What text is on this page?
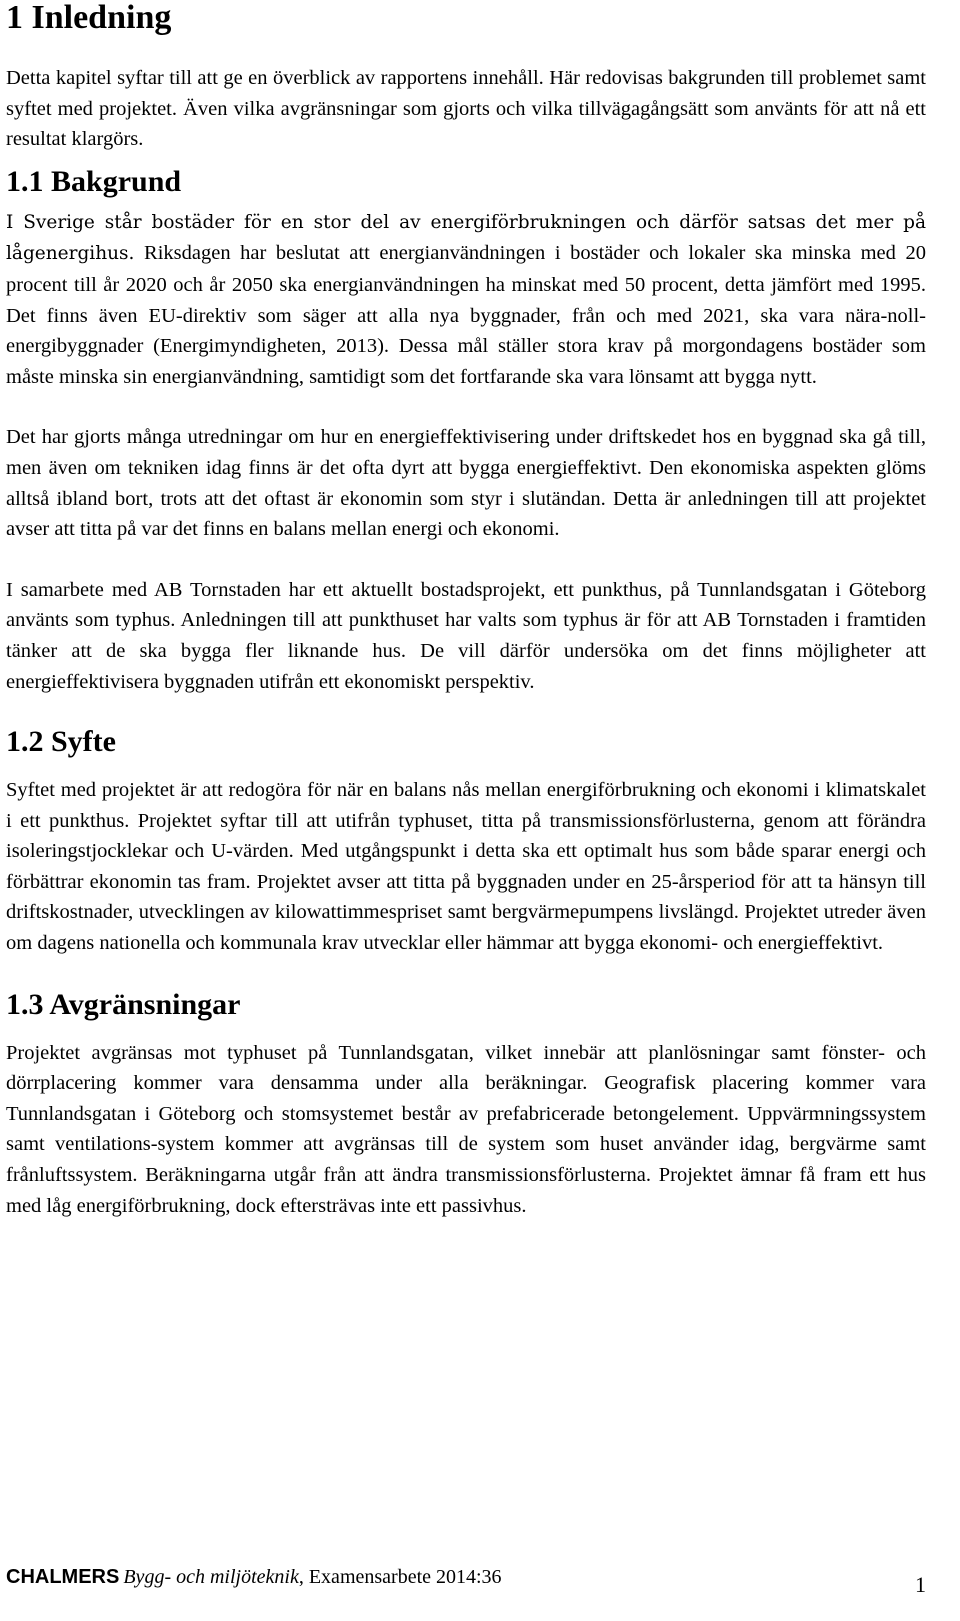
1 Inledning

Detta kapitel syftar till att ge en överblick av rapportens innehåll. Här redovisas bakgrunden till problemet samt syftet med projektet. Även vilka avgränsningar som gjorts och vilka tillvägagångsätt som använts för att nå ett resultat klargörs.

1.1 Bakgrund

I Sverige står bostäder för en stor del av energiförbrukningen och därför satsas det mer på lågenergihus. Riksdagen har beslutat att energianvändningen i bostäder och lokaler ska minska med 20 procent till år 2020 och år 2050 ska energianvändningen ha minskat med 50 procent, detta jämfört med 1995. Det finns även EU-direktiv som säger att alla nya byggnader, från och med 2021, ska vara nära-noll-energibyggnader (Energimyndigheten, 2013). Dessa mål ställer stora krav på morgondagens bostäder som måste minska sin energianvändning, samtidigt som det fortfarande ska vara lönsamt att bygga nytt.

Det har gjorts många utredningar om hur en energieffektivisering under driftskedet hos en byggnad ska gå till, men även om tekniken idag finns är det ofta dyrt att bygga energieffektivt. Den ekonomiska aspekten glöms alltså ibland bort, trots att det oftast är ekonomin som styr i slutändan. Detta är anledningen till att projektet avser att titta på var det finns en balans mellan energi och ekonomi.

I samarbete med AB Tornstaden har ett aktuellt bostadsprojekt, ett punkthus, på Tunnlandsgatan i Göteborg använts som typhus. Anledningen till att punkthuset har valts som typhus är för att AB Tornstaden i framtiden tänker att de ska bygga fler liknande hus. De vill därför undersöka om det finns möjligheter att energieffektivisera byggnaden utifrån ett ekonomiskt perspektiv.

1.2 Syfte

Syftet med projektet är att redogöra för när en balans nås mellan energiförbrukning och ekonomi i klimatskalet i ett punkthus. Projektet syftar till att utifrån typhuset, titta på transmissionsförlusterna, genom att förändra isoleringstjocklekar och U-värden. Med utgångspunkt i detta ska ett optimalt hus som både sparar energi och förbättrar ekonomin tas fram. Projektet avser att titta på byggnaden under en 25-årsperiod för att ta hänsyn till driftskostnader, utvecklingen av kilowattimmespriset samt bergvärmepumpens livslängd. Projektet utreder även om dagens nationella och kommunala krav utvecklar eller hämmar att bygga ekonomi- och energieffektivt.

1.3 Avgränsningar

Projektet avgränsas mot typhuset på Tunnlandsgatan, vilket innebär att planlösningar samt fönster- och dörrplacering kommer vara densamma under alla beräkningar. Geografisk placering kommer vara Tunnlandsgatan i Göteborg och stomsystemet består av prefabricerade betongelement. Uppvärmningssystem samt ventilations-system kommer att avgränsas till de system som huset använder idag, bergvärme samt frånluftssystem. Beräkningarna utgår från att ändra transmissionsförlusterna. Projektet ämnar få fram ett hus med låg energiförbrukning, dock eftersträvas inte ett passivhus.

CHALMERS Bygg- och miljöteknik, Examensarbete 2014:36	1
